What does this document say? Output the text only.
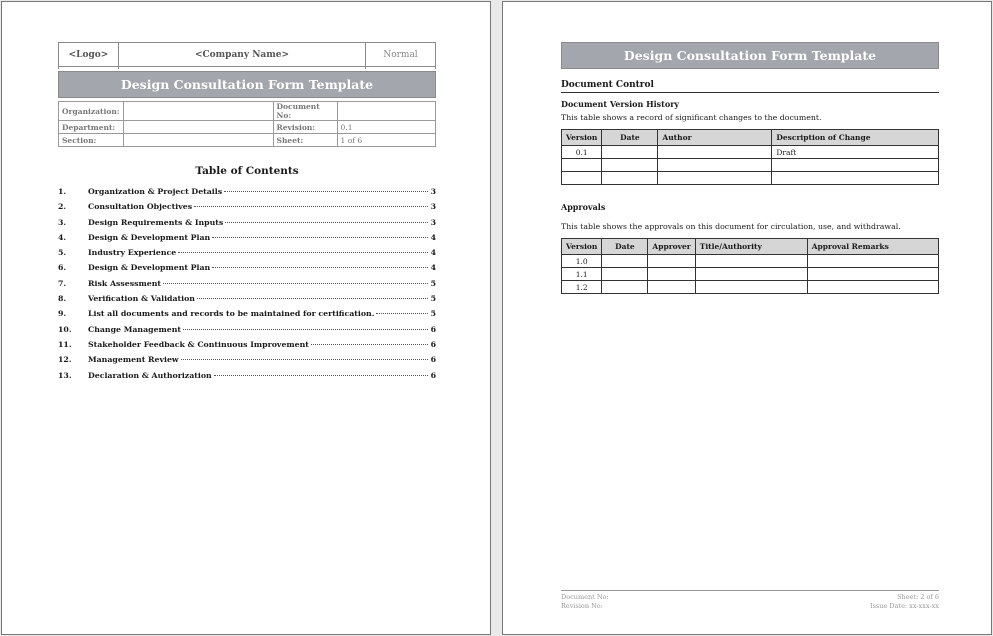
<Logo>	<Company Name>	Normal
Design Consultation Form Template
Organization:		Document No:	
Department:		Revision:	0.1
Section:		Sheet:	1 of 6
Table of Contents
1.	Organization & Project Details	3
2.	Consultation Objectives	3
3.	Design Requirements & Inputs	3
4.	Design & Development Plan	4
5.	Industry Experience	4
6.	Design & Development Plan	4
7.	Risk Assessment	5
8.	Verification & Validation	5
9.	List all documents and records to be maintained for certification.	5
10.	Change Management	6
11.	Stakeholder Feedback & Continuous Improvement	6
12.	Management Review	6
13.	Declaration & Authorization	6
Design Consultation Form Template
Document Control
Document Version History
This table shows a record of significant changes to the document.
Version	Date	Author	Description of Change
0.1			Draft

Approvals
This table shows the approvals on this document for circulation, use, and withdrawal.
Version	Date	Approver	Title/Authority	Approval Remarks
1.0				
1.1				
1.2				
Document No:	Sheet: 2 of 6
Revision No:	Issue Date: xx-xxx-xx
